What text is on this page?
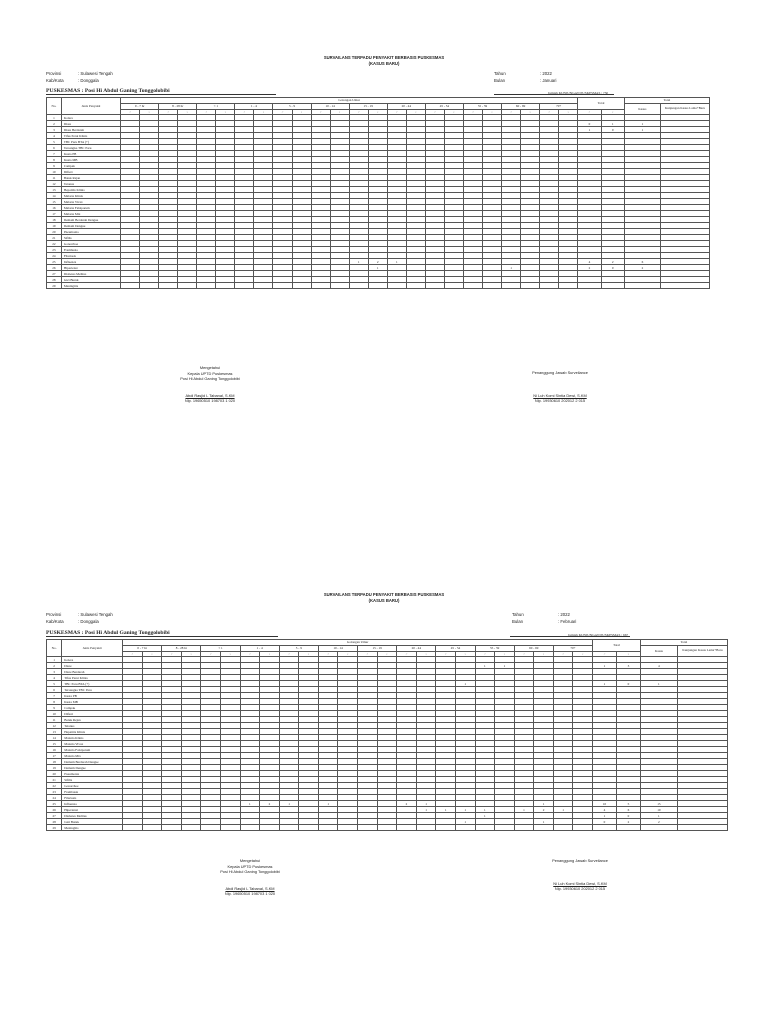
SURVAILANS TERPADU PENYAKIT BERBASIS PUSKESMAS
(KASUS BARU)
Provinsi	: Sulawesi Tengah
Kab/Kota	: Donggala
Tahun	: 2022
Bulan	: Januari
PUSKESMAS : Posi Hi Abdul Ganing Tonggolobibi	Jumlah KUNJUNGAN PUSKESMAS : 750
No.	Jenis Penyakit	Golongan Umur																								Total		Total	
		0 - 7 hr		8 - 28 hr		< 1		1 - 4		5 - 9		10 - 14		15 - 19		20 - 44		45 - 54		55 - 59		60 - 69		70+				Kasus	Kunjungan Kasus Lama+Baru
		♂	♀	♂	♀	♂	♀	♂	♀	♂	♀	♂	♀	♂	♀	♂	♀	♂	♀	♂	♀	♂	♀	♂	♀	♂	♀		
1	Kolera																												
2	Diare																									0	1	1	
3	Diare Berdarah																									1	0	1	
4	Tifus Perut Klinis																												
5	TBC Paru BTA (+)																												
6	Tersangka TBC Paru																												
7	Kusta PB																												
8	Kusta MB																												
9	Campak																												
10	Difteri																												
11	Batuk Rejan																												
12	Tetanus																												
13	Hepatitis Klinis																												
14	Malaria Klinis																												
15	Malaria Vivax																												
16	Malaria Falsiparum																												
17	Malaria Mix																												
18	Demam Berdarah Dengue																												
19	Demam Dengue																												
20	Pneumonia																												
21	Sifilis																												
22	Gonorrhoe																												
23	Frambusia																												
24	Filariasis																												
25	Influenza													1	2	1										4	2	6	
26	Hipertensi														1							1				2	0	2	
27	Diabetes Melitus																												
28	Gizi Buruk																												
29	Meningitis																												
Mengetahui
Kepala UPTD Puskesmas
Posi Hi Abdul Ganing Tonggolobibi
Abdi Rasjid L Tabanal, S.KM
Nip. 19650510 198703 1 020
Penanggung Jawab Surveilance
Ni Luh Komi Sintia Dewi, S.KM
Nip. 19930610 202012 2 015
SURVAILANS TERPADU PENYAKIT BERBASIS PUSKESMAS
(KASUS BARU)
Provinsi	: Sulawesi Tengah
Kab/Kota	: Donggala
Tahun	: 2022
Bulan	: Februari
PUSKESMAS : Posi Hi Abdul Ganing Tonggolobibi	Jumlah KUNJUNGAN PUSKESMAS : 667
No.	Jenis Penyakit	Golongan Umur																								Total		Total	
		0 - 7 hr		8 - 28 hr		< 1		1 - 4		5 - 9		10 - 14		15 - 19		20 - 44		45 - 54		55 - 59		60 - 69		70+				Kasus	Kunjungan Kasus Lama+Baru
		♂	♀	♂	♀	♂	♀	♂	♀	♂	♀	♂	♀	♂	♀	♂	♀	♂	♀	♂	♀	♂	♀	♂	♀	♂	♀		
1	Kolera																												
2	Diare																			1	1					1	3	4	
3	Diare Berdarah																												
4	Tifus Perut Klinis																												
5	TBC Paru BTA (+)																		1							1	0	1	
6	Tersangka TBC Paru																												
7	Kusta PB																												
8	Kusta MB																												
9	Campak																												
10	Difteri																												
11	Batuk Rejan																												
12	Tetanus																												
13	Hepatitis Klinis																												
14	Malaria Klinis																												
15	Malaria Vivax																												
16	Malaria Falsiparum																												
17	Malaria Mix																												
18	Demam Berdarah Dengue																												
19	Demam Dengue																												
20	Pneumonia																												
21	Sifilis																												
22	Gonorrhoe																												
23	Frambusia																												
24	Filariasis																												
25	Influenza							1	2	1		1				2	1						1			10	5	15	
26	Hipertensi																1	1	1	1		1	2	1		4	6	10	
27	Diabetes Melitus																			1						1	0	1	
28	Gizi Buruk																		1				1			0	2	2	
29	Meningitis																												
Mengetahui
Kepala UPTD Puskesmas
Posi Hi Abdul Ganing Tonggolobibi
Abdi Rasjid L Tabanal, S.KM
Nip. 19650510 198703 1 020
Penanggung Jawab Surveilance
Ni Luh Komi Sintia Dewi, S.KM
Nip. 19930610 202012 2 015
